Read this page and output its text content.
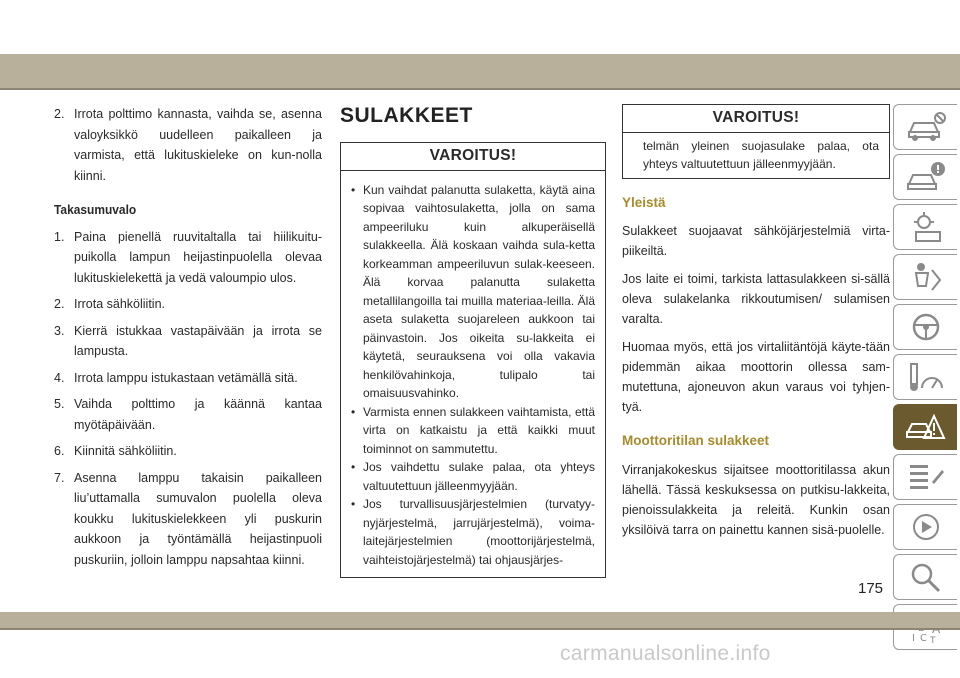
2. Irrota polttimo kannasta, vaihda se, asenna valoyksikkö uudelleen paikalleen ja varmista, että lukituskieleke on kun-nolla kiinni.
Takasumuvalo
1. Paina pienellä ruuvitaltalla tai hiilikuitu-puikolla lampun heijastinpuolella olevaa lukituskielekettä ja vedä valoumpio ulos.
2. Irrota sähköliitin.
3. Kierrä istukkaa vastapäivään ja irrota se lampusta.
4. Irrota lamppu istukastaan vetämällä sitä.
5. Vaihda polttimo ja käännä kantaa myötäpäivään.
6. Kiinnitä sähköliitin.
7. Asenna lamppu takaisin paikalleen liu’uttamalla sumuvalon puolella oleva koukku lukituskielekkeen yli puskurin aukkoon ja työntämällä heijastinpuoli puskuriin, jolloin lamppu napsahtaa kiinni.
SULAKKEET
VAROITUS!
• Kun vaihdat palanutta sulaketta, käytä aina sopivaa vaihtosulaketta, jolla on sama ampeeriluku kuin alkuperäisellä sulakkeella. Älä koskaan vaihda sula-ketta korkeamman ampeeriluvun sulak-keeseen. Älä korvaa palanutta sulaketta metallilangoilla tai muilla materiaa-leilla. Älä aseta sulaketta suojareleen aukkoon tai päinvastoin. Jos oikeita su-lakkeita ei käytetä, seurauksena voi olla vakavia henkilövahinkoja, tulipalo tai omaisuusvahinko.
• Varmista ennen sulakkeen vaihtamista, että virta on katkaistu ja että kaikki muut toiminnot on sammutettu.
• Jos vaihdettu sulake palaa, ota yhteys valtuutettuun jälleenmyyjään.
• Jos turvallisuusjärjestelmien (turvatyy-nyjärjestelmä, jarrujärjestelmä), voima-laitejärjestelmien (moottorijärjestelmä, vaihteistojärjestelmä) tai ohjausjärjes-
VAROITUS!
telmän yleinen suojasulake palaa, ota yhteys valtuutettuun jälleenmyyjään.
Yleistä

Sulakkeet suojaavat sähköjärjestelmiä virta-piikeiltä.

Jos laite ei toimi, tarkista lattasulakkeen si-sällä oleva sulakelanka rikkoutumisen/ sulamisen varalta.

Huomaa myös, että jos virtaliitäntöjä käyte-tään pidemmän aikaa moottorin ollessa sam-mutettuna, ajoneuvon akun varaus voi tyhjen-tyä.

Moottoritilan sulakkeet

Virranjakokeskus sijaitsee moottoritilassa akun lähellä. Tässä keskuksessa on putkisu-lakkeita, pienoissulakkeita ja releitä. Kunkin osan yksilöivä tarra on painettu kannen sisä-puolelle.

I C T
175
carmanualsonline.info
